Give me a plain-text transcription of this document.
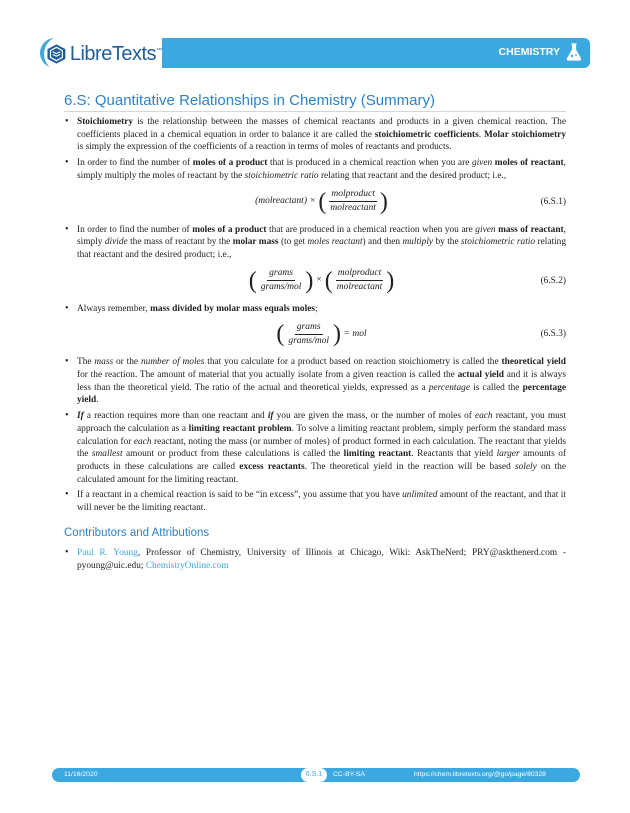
LibreTexts ™	CHEMISTRY
6.S: Quantitative Relationships in Chemistry (Summary)
• Stoichiometry is the relationship between the masses of chemical reactants and products in a given chemical reaction. The coefficients placed in a chemical equation in order to balance it are called the stoichiometric coefficients. Molar stoichiometry is simply the expression of the coefficients of a reaction in terms of moles of reactants and products.
• In order to find the number of moles of a product that is produced in a chemical reaction when you are given moles of reactant, simply multiply the moles of reactant by the stoichiometric ratio relating that reactant and the desired product; i.e.,
(molreactant) × ( $\frac{\text{molproduct}}{\text{molreactant}}$ )	(6.S.1)
• In order to find the number of moles of a product that are produced in a chemical reaction when you are given mass of reactant, simply divide the mass of reactant by the molar mass (to get moles reactant) and then multiply by the stoichiometric ratio relating that reactant and the desired product; i.e.,
( $\frac{\text{grams}}{\text{grams/mol}}$ ) × ( $\frac{\text{molproduct}}{\text{molreactant}}$ )	(6.S.2)
• Always remember, mass divided by molar mass equals moles;
( $\frac{\text{grams}}{\text{grams/mol}}$ ) = mol	(6.S.3)
• The mass or the number of moles that you calculate for a product based on reaction stoichiometry is called the theoretical yield for the reaction. The amount of material that you actually isolate from a given reaction is called the actual yield and it is always less than the theoretical yield. The ratio of the actual and theoretical yields, expressed as a percentage is called the percentage yield.
• If a reaction requires more than one reactant and if you are given the mass, or the number of moles of each reactant, you must approach the calculation as a limiting reactant problem. To solve a limiting reactant problem, simply perform the standard mass calculation for each reactant, noting the mass (or number of moles) of product formed in each calculation. The reactant that yields the smallest amount or product from these calculations is called the limiting reactant. Reactants that yield larger amounts of products in these calculations are called excess reactants. The theoretical yield in the reaction will be based solely on the calculated amount for the limiting reactant.
• If a reactant in a chemical reaction is said to be “in excess”, you assume that you have unlimited amount of the reactant, and that it will never be the limiting reactant.
Contributors and Attributions
• Paul R. Young, Professor of Chemistry, University of Illinois at Chicago, Wiki: AskTheNerd; PRY@askthenerd.com - pyoung@uic.edu; ChemistryOnline.com
11/16/2020	6.S.1	CC-BY-SA	https://chem.libretexts.org/@go/page/80328
